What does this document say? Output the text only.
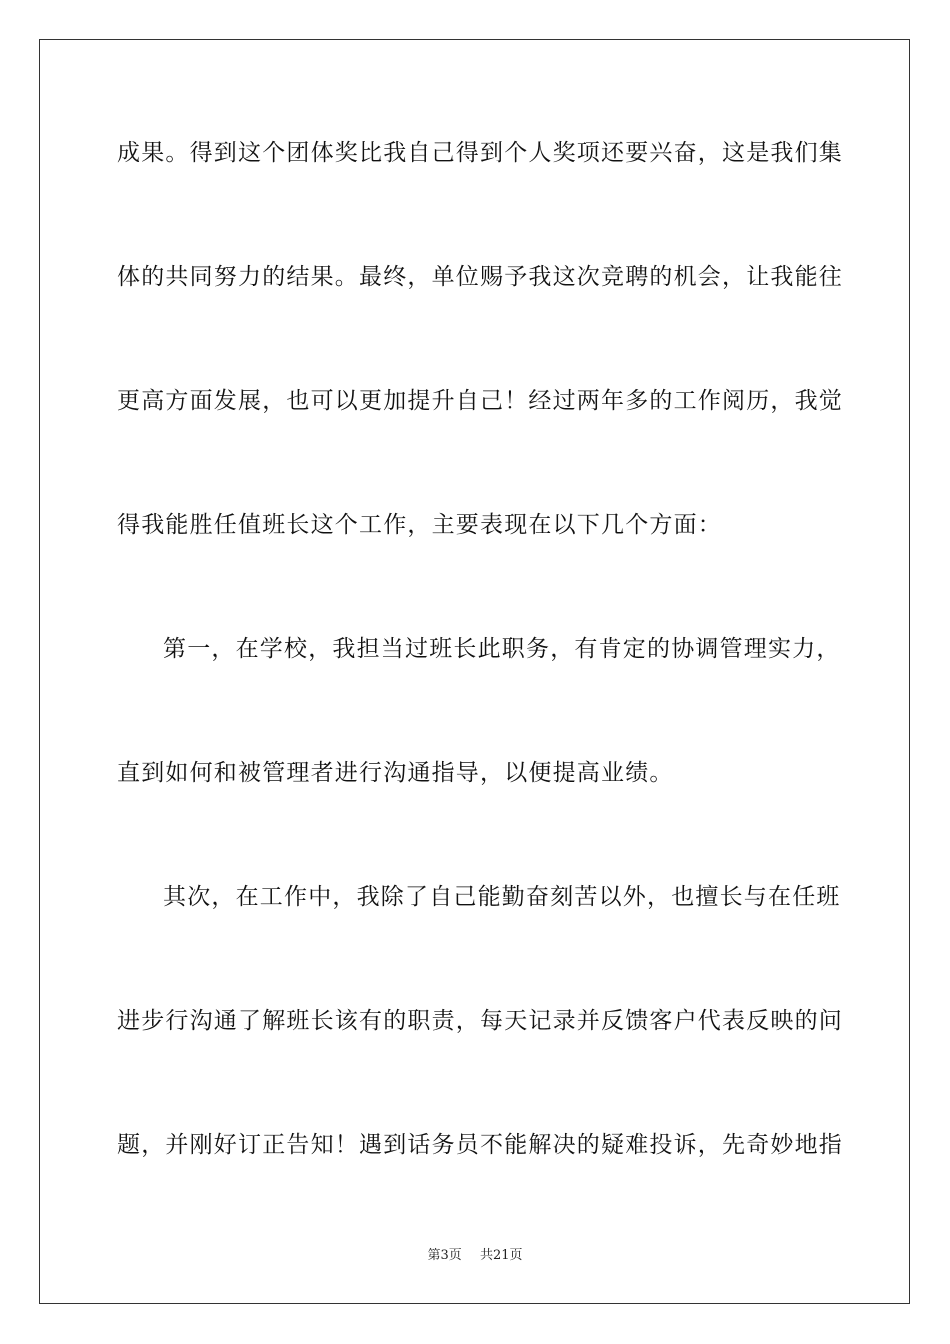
成果。得到这个团体奖比我自己得到个人奖项还要兴奋，这是我们集
体的共同努力的结果。最终，单位赐予我这次竞聘的机会，让我能往
更高方面发展，也可以更加提升自己！经过两年多的工作阅历，我觉
得我能胜任值班长这个工作，主要表现在以下几个方面：
第一，在学校，我担当过班长此职务，有肯定的协调管理实力，
直到如何和被管理者进行沟通指导，以便提高业绩。
其次，在工作中，我除了自己能勤奋刻苦以外，也擅长与在任班
进步行沟通了解班长该有的职责，每天记录并反馈客户代表反映的问
题，并刚好订正告知！遇到话务员不能解决的疑难投诉，先奇妙地指
第3页 共21页
